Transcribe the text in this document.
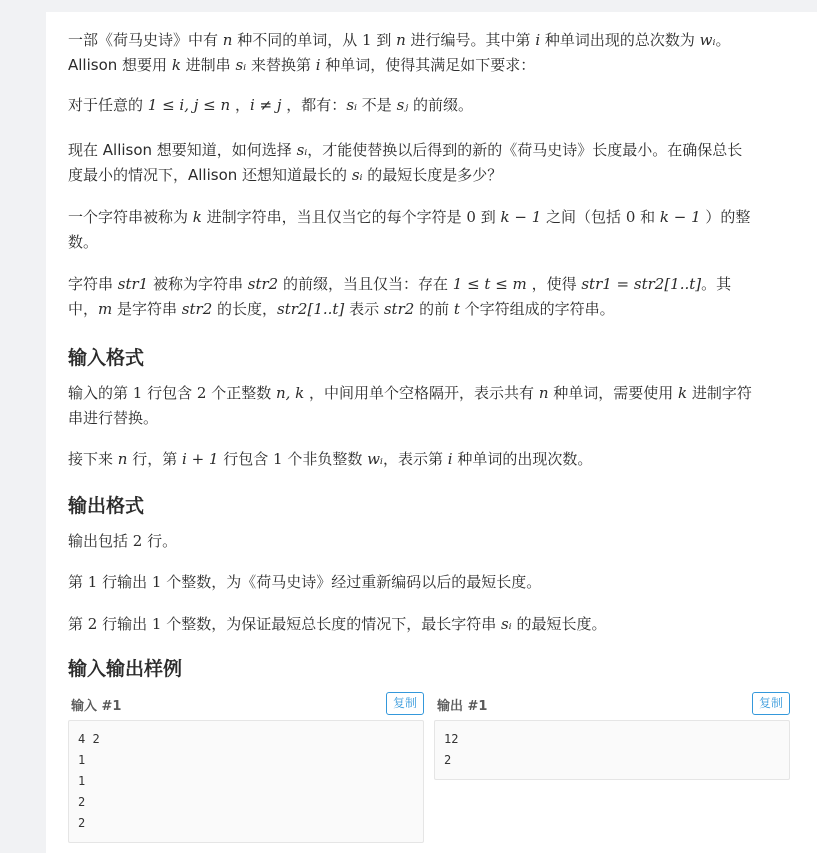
一部《荷马史诗》中有 n 种不同的单词，从 1 到 n 进行编号。其中第 i 种单词出现的总次数为 wᵢ。
Allison 想要用 k 进制串 sᵢ 来替换第 i 种单词，使得其满足如下要求：

对于任意的 1 ≤ i, j ≤ n ，i ≠ j ，都有：sᵢ 不是 sⱼ 的前缀。

现在 Allison 想要知道，如何选择 sᵢ，才能使替换以后得到的新的《荷马史诗》长度最小。在确保总长
度最小的情况下，Allison 还想知道最长的 sᵢ 的最短长度是多少？

一个字符串被称为 k 进制字符串，当且仅当它的每个字符是 0 到 k − 1 之间（包括 0 和 k − 1 ）的整
数。

字符串 str1 被称为字符串 str2 的前缀，当且仅当：存在 1 ≤ t ≤ m ，使得 str1 = str2[1..t]。其
中，m 是字符串 str2 的长度，str2[1..t] 表示 str2 的前 t 个字符组成的字符串。

输入格式

输入的第 1 行包含 2 个正整数 n, k ，中间用单个空格隔开，表示共有 n 种单词，需要使用 k 进制字符
串进行替换。

接下来 n 行，第 i + 1 行包含 1 个非负整数 wᵢ，表示第 i 种单词的出现次数。

输出格式

输出包括 2 行。

第 1 行输出 1 个整数，为《荷马史诗》经过重新编码以后的最短长度。

第 2 行输出 1 个整数，为保证最短总长度的情况下，最长字符串 sᵢ 的最短长度。

输入输出样例
输入 #1	复制
4 2
1
1
2
2
输出 #1	复制
12
2
